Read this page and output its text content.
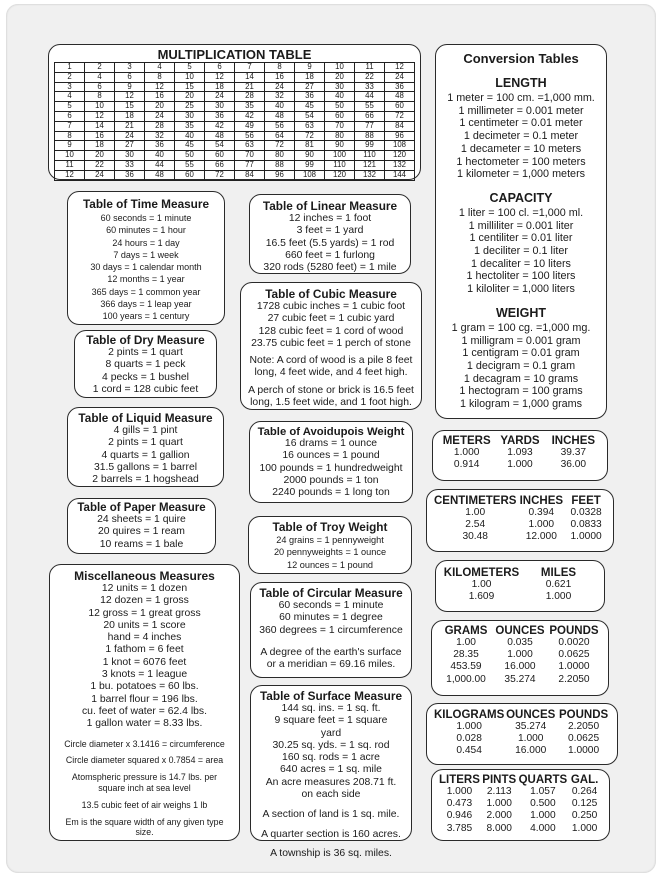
MULTIPLICATION TABLE
1	2	3	4	5	6	7	8	9	10	11	12
2	4	6	8	10	12	14	16	18	20	22	24
3	6	9	12	15	18	21	24	27	30	33	36
4	8	12	16	20	24	28	32	36	40	44	48
5	10	15	20	25	30	35	40	45	50	55	60
6	12	18	24	30	36	42	48	54	60	66	72
7	14	21	28	35	42	49	56	63	70	77	84
8	16	24	32	40	48	56	64	72	80	88	96
9	18	27	36	45	54	63	72	81	90	99	108
10	20	30	40	50	60	70	80	90	100	110	120
11	22	33	44	55	66	77	88	99	110	121	132
12	24	36	48	60	72	84	96	108	120	132	144
Table of Time Measure
60 seconds = 1 minute
60 minutes = 1 hour
24 hours = 1 day
7 days = 1 week
30 days = 1 calendar month
12 months = 1 year
365 days = 1 common year
366 days = 1 leap year
100 years = 1 century
Table of Linear Measure
12 inches = 1 foot
3 feet = 1 yard
16.5 feet (5.5 yards) = 1 rod
660 feet = 1 furlong
320 rods (5280 feet) = 1 mile
Table of Cubic Measure
1728 cubic inches = 1 cubic foot
27 cubic feet = 1 cubic yard
128 cubic feet = 1 cord of wood
23.75 cubic feet = 1 perch of stone
Note: A cord of wood is a pile 8 feet long, 4 feet wide, and 4 feet high.
A perch of stone or brick is 16.5 feet long, 1.5 feet wide, and 1 foot high.
Table of Dry Measure
2 pints = 1 quart
8 quarts = 1 peck
4 pecks = 1 bushel
1 cord = 128 cubic feet
Table of Liquid Measure
4 gills = 1 pint
2 pints = 1 quart
4 quarts = 1 gallion
31.5 gallons = 1 barrel
2 barrels = 1 hogshead
Table of Avoidupois Weight
16 drams = 1 ounce
16 ounces = 1 pound
100 pounds = 1 hundredweight
2000 pounds = 1 ton
2240 pounds = 1 long ton
Table of Paper Measure
24 sheets = 1 quire
20 quires = 1 ream
10 reams = 1 bale
Table of Troy Weight
24 grains = 1 pennyweight
20 pennyweights = 1 ounce
12 ounces = 1 pound
Miscellaneous Measures
12 units = 1 dozen
12 dozen = 1 gross
12 gross = 1 great gross
20 units = 1 score
hand = 4 inches
1 fathom = 6 feet
1 knot = 6076 feet
3 knots = 1 league
1 bu. potatoes = 60 lbs.
1 barrel flour = 196 lbs.
cu. feet of water = 62.4 lbs.
1 gallon water = 8.33 lbs.
Circle diameter x 3.1416 = circumference
Circle diameter squared x 0.7854 = area
Atomspheric pressure is 14.7 lbs. per square inch at sea level
13.5 cubic feet of air weighs 1 lb
Em is the square width of any given type size.
Table of Circular Measure
60 seconds = 1 minute
60 minutes = 1 degree
360 degrees = 1 circumference
A degree of the earth's surface or a meridian = 69.16 miles.
Table of Surface Measure
144 sq. ins. = 1 sq. ft.
9 square feet = 1 square yard
30.25 sq. yds. = 1 sq. rod
160 sq. rods = 1 acre
640 acres = 1 sq. mile
An acre measures 208.71 ft. on each side
A section of land is 1 sq. mile.
A quarter section is 160 acres.
A township is 36 sq. miles.
Conversion Tables
LENGTH
1 meter = 100 cm. =1,000 mm.
1 millimeter = 0.001 meter
1 centimeter = 0.01 meter
1 decimeter = 0.1 meter
1 decameter = 10 meters
1 hectometer = 100 meters
1 kilometer = 1,000 meters
CAPACITY
1 liter = 100 cl. =1,000 ml.
1 milliliter = 0.001 liter
1 centiliter = 0.01 liter
1 deciliter = 0.1 liter
1 decaliter = 10 liters
1 hectoliter = 100 liters
1 kiloliter = 1,000 liters
WEIGHT
1 gram = 100 cg. =1,000 mg.
1 milligram = 0.001 gram
1 centigram = 0.01 gram
1 decigram = 0.1 gram
1 decagram = 10 grams
1 hectogram = 100 grams
1 kilogram = 1,000 grams
METERS YARDS	INCHES
1.000	1.093	39.37
0.914	1.000	36.00
CENTIMETERS INCHES FEET
1.00	0.394	0.0328
2.54	1.000	0.0833
30.48	12.000	1.0000
KILOMETERS	MILES
1.00	0.621
1.609	1.000
GRAMS OUNCES POUNDS
1.00	0.035	0.0020
28.35	1.000	0.0625
453.59	16.000	1.0000
1,000.00	35.274	2.2050
KILOGRAMS OUNCES POUNDS
1.000	35.274	2.2050
0.028	1.000	0.0625
0.454	16.000	1.0000
LITERS PINTS QUARTS GAL.
1.000	2.113	1.057	0.264
0.473	1.000	0.500	0.125
0.946	2.000	1.000	0.250
3.785	8.000	4.000	1.000
